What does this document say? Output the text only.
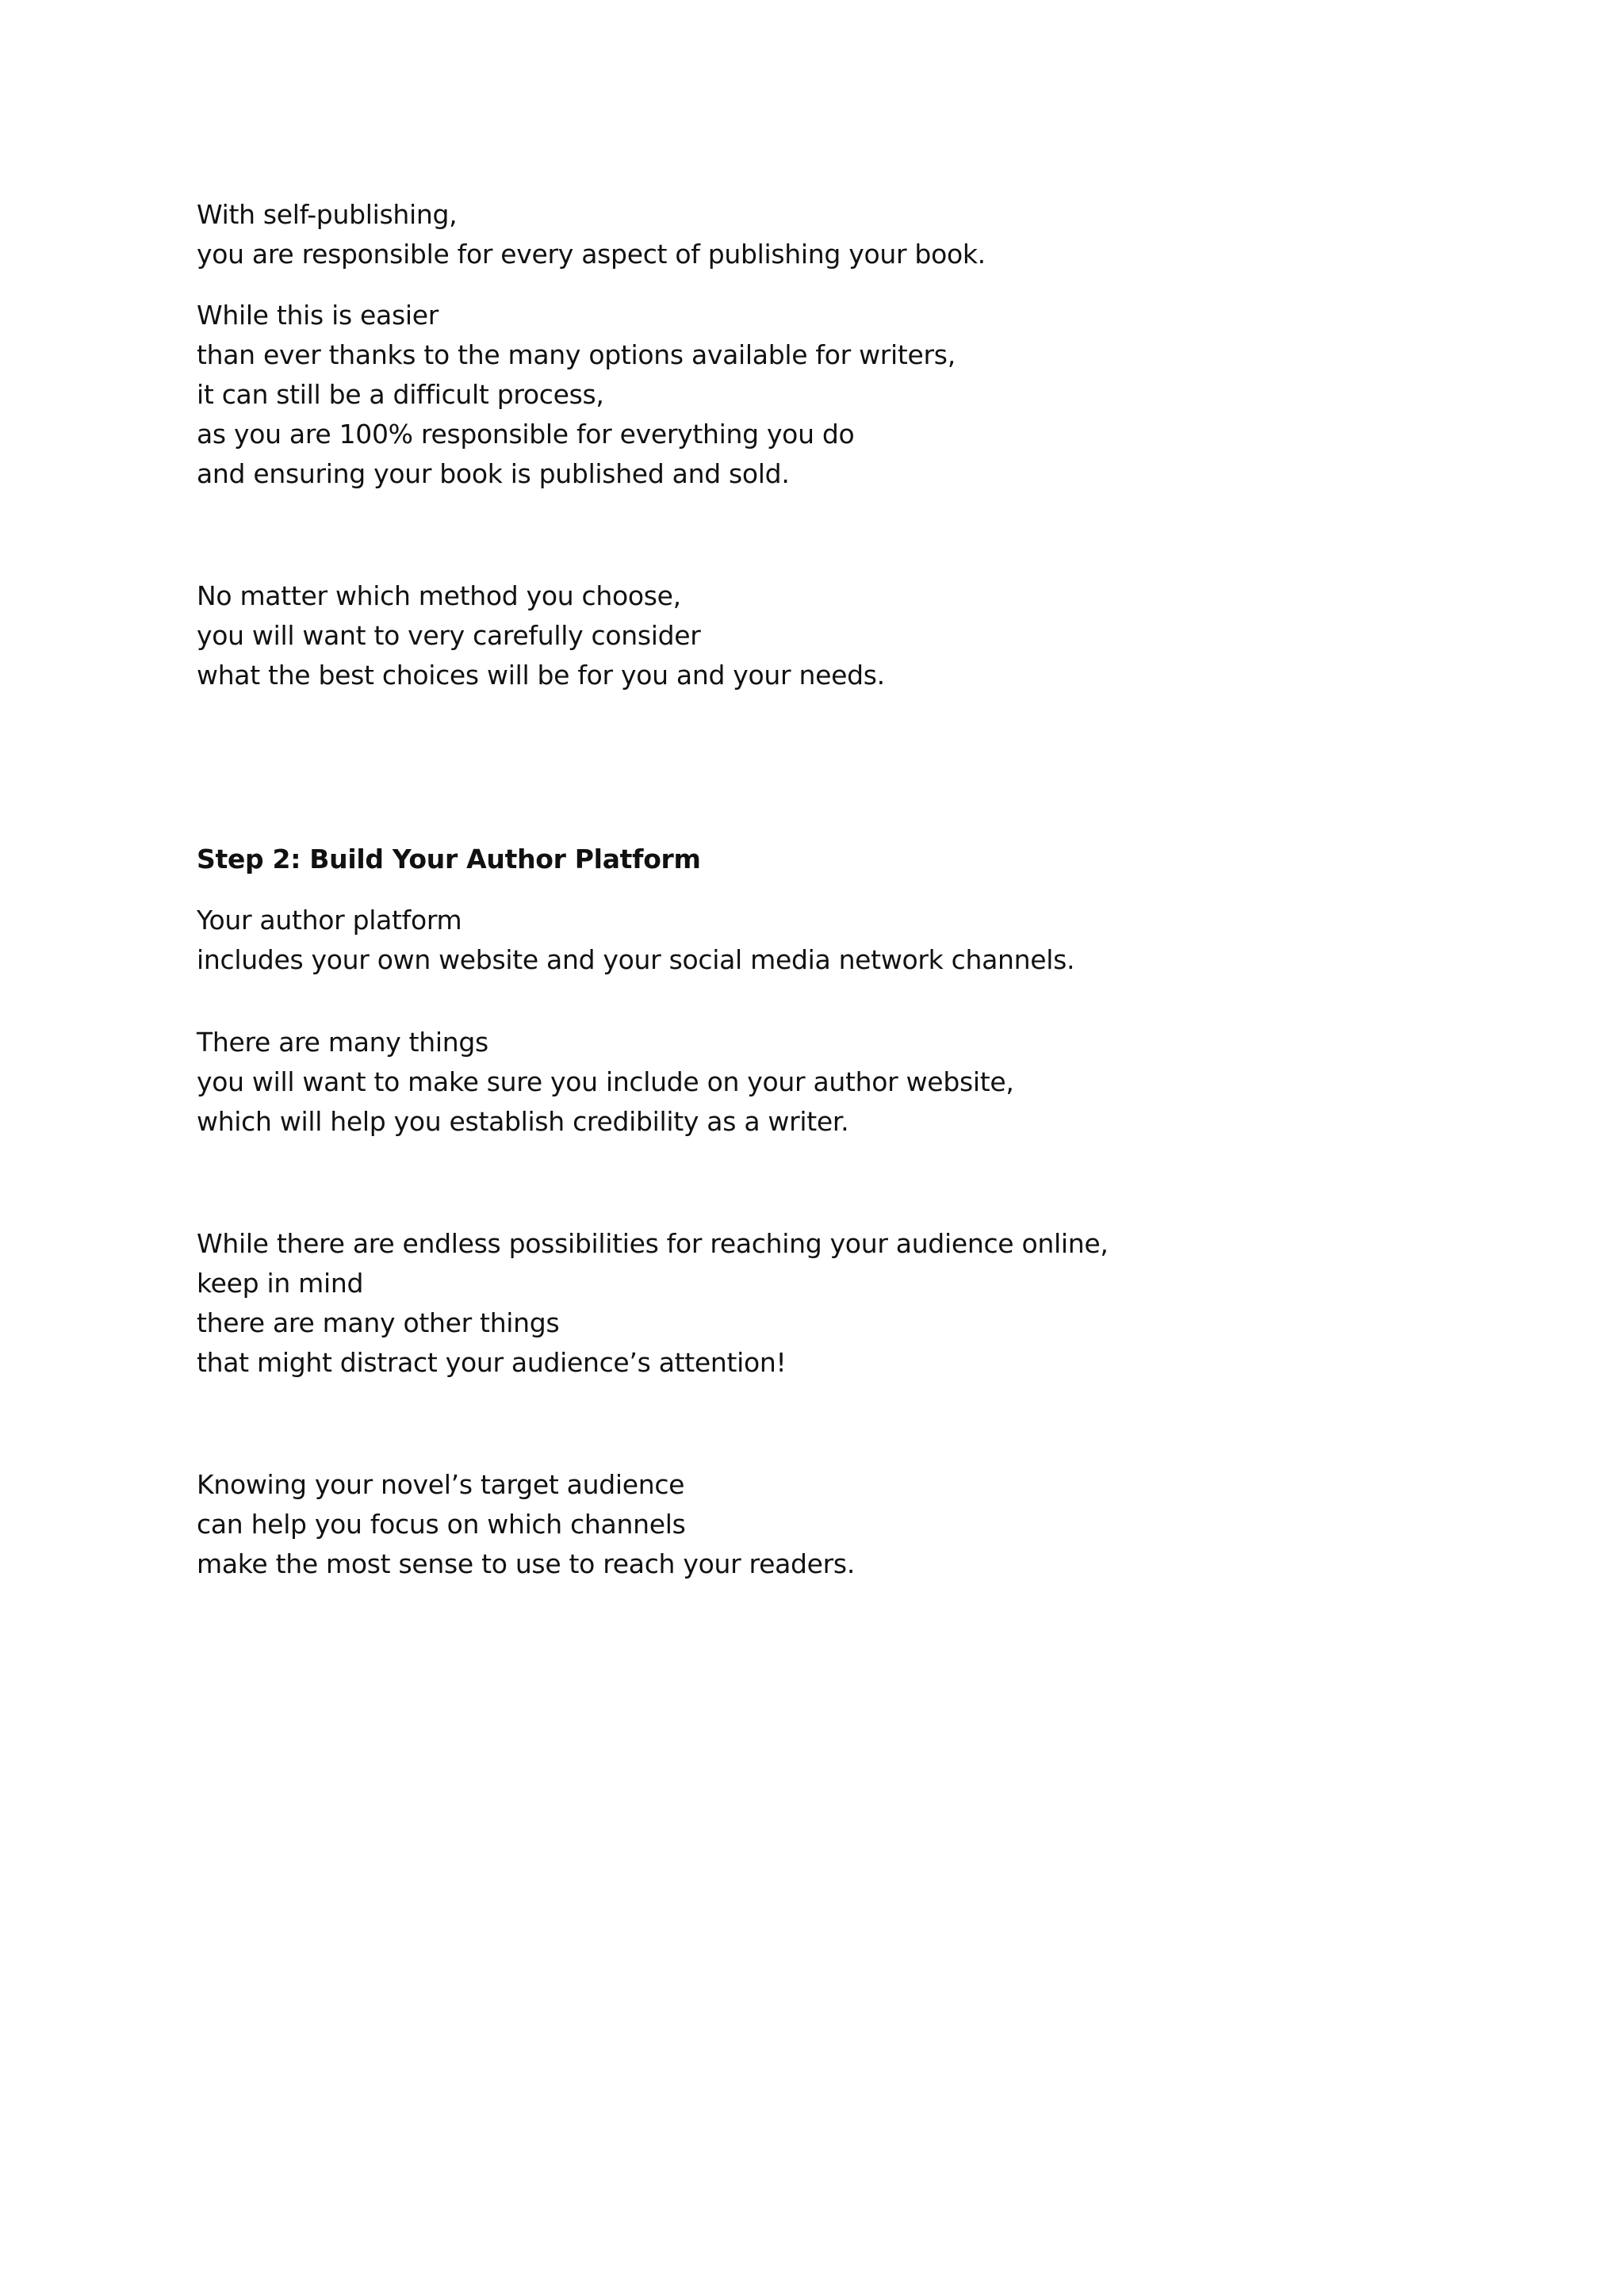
With self-publishing,
you are responsible for every aspect of publishing your book.
While this is easier
than ever thanks to the many options available for writers,
it can still be a difficult process,
as you are 100% responsible for everything you do
and ensuring your book is published and sold.
No matter which method you choose,
you will want to very carefully consider
what the best choices will be for you and your needs.
Step 2: Build Your Author Platform
Your author platform
includes your own website and your social media network channels.
There are many things
you will want to make sure you include on your author website,
which will help you establish credibility as a writer.
While there are endless possibilities for reaching your audience online,
keep in mind
there are many other things
that might distract your audience’s attention!
Knowing your novel’s target audience
can help you focus on which channels
make the most sense to use to reach your readers.
